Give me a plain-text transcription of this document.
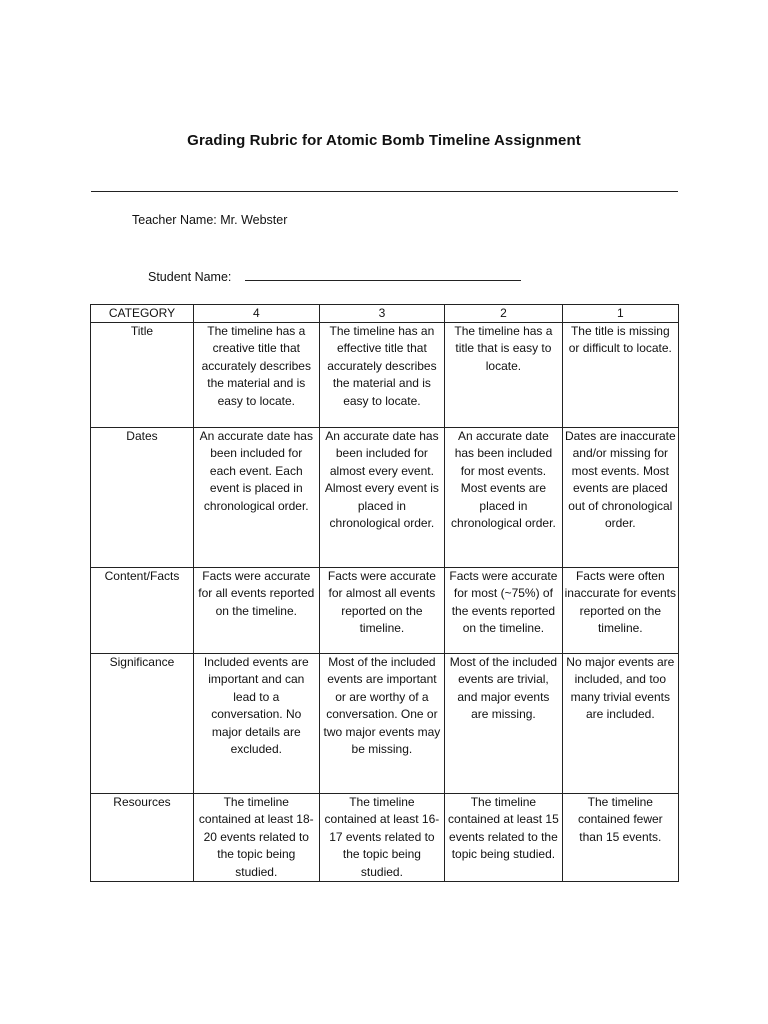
Grading Rubric for Atomic Bomb Timeline Assignment
Teacher Name: Mr. Webster
Student Name:
CATEGORY	4	3	2	1
Title	The timeline has a creative title that accurately describes the material and is easy to locate.	The timeline has an effective title that accurately describes the material and is easy to locate.	The timeline has a title that is easy to locate.	The title is missing or difficult to locate.
Dates	An accurate date has been included for each event. Each event is placed in chronological order.	An accurate date has been included for almost every event. Almost every event is placed in chronological order.	An accurate date has been included for most events. Most events are placed in chronological order.	Dates are inaccurate and/or missing for most events. Most events are placed out of chronological order.
Content/Facts	Facts were accurate for all events reported on the timeline.	Facts were accurate for almost all events reported on the timeline.	Facts were accurate for most (~75%) of the events reported on the timeline.	Facts were often inaccurate for events reported on the timeline.
Significance	Included events are important and can lead to a conversation. No major details are excluded.	Most of the included events are important or are worthy of a conversation. One or two major events may be missing.	Most of the included events are trivial, and major events are missing.	No major events are included, and too many trivial events are included.
Resources	The timeline contained at least 18-20 events related to the topic being studied.	The timeline contained at least 16-17 events related to the topic being studied.	The timeline contained at least 15 events related to the topic being studied.	The timeline contained fewer than 15 events.
